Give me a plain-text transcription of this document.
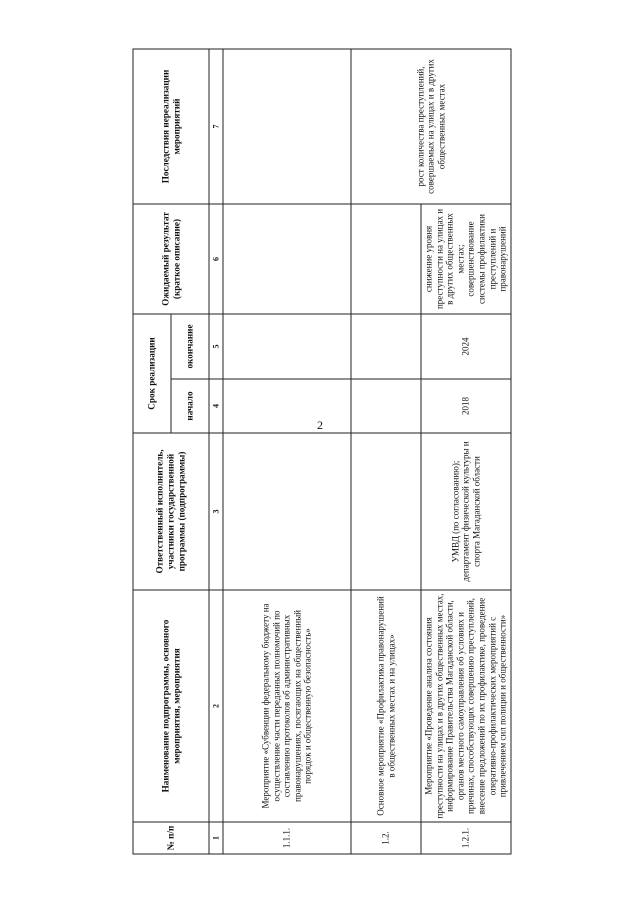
2
№ п/п	Наименование подпрограммы, основного мероприятия, мероприятия	Ответственный исполнитель, участники государственной программы (подпрограммы)	Срок реализации		Ожидаемый результат (краткое описание)	Последствия нереализации мероприятий
			начало	окончание		
1	2	3	4	5	6	7
1.1.1.	Мероприятие «Субвенции федеральному бюджету на осуществление части переданных полномочий по составлению протоколов об административных правонарушениях, посягающих на общественный порядок и общественную безопасность»					
1.2.	Основное мероприятие «Профилактика правонарушений в общественных местах и на улицах»					рост количества преступлений, совершаемых на улицах и в других общественных местах
1.2.1.	Мероприятие «Проведение анализа состояния преступности на улицах и в других общественных местах, информирование Правительства Магаданской области, органов местного самоуправления об условиях и причинах, способствующих совершению преступлений, внесение предложений по их профилактике, проведение оперативно-профилактических мероприятий с привлечением сил полиции и общественности»	УМВД (по согласованию); департамент физической культуры и спорта Магаданской области	2018	2024	снижение уровня преступности на улицах и в других общественных местах; совершенствование системы профилактики преступлений и правонарушений	
